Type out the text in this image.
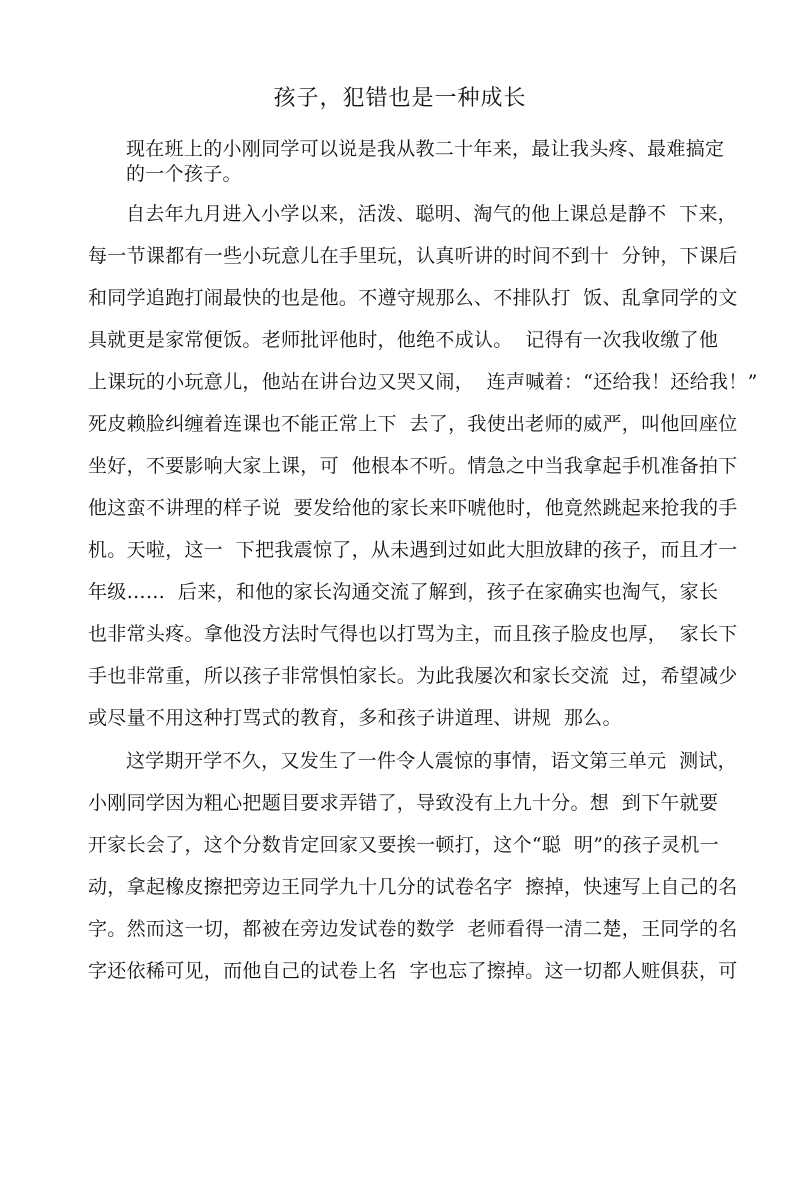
孩子，犯错也是一种成长
现在班上的小刚同学可以说是我从教二十年来，最让我头疼、最难搞定
的一个孩子。
自去年九月进入小学以来，活泼、聪明、淘气的他上课总是静不  下来，
每一节课都有一些小玩意儿在手里玩，认真听讲的时间不到十  分钟，下课后
和同学追跑打闹最快的也是他。不遵守规那么、不排队打  饭、乱拿同学的文
具就更是家常便饭。老师批评他时，他绝不成认。  记得有一次我收缴了他
上课玩的小玩意儿，他站在讲台边又哭又闹，  连声喊着：“还给我！还给我！”
死皮赖脸纠缠着连课也不能正常上下  去了，我使出老师的威严，叫他回座位
坐好，不要影响大家上课，可  他根本不听。情急之中当我拿起手机准备拍下
他这蛮不讲理的样子说  要发给他的家长来吓唬他时，他竟然跳起来抢我的手
机。天啦，这一  下把我震惊了，从未遇到过如此大胆放肆的孩子，而且才一
年级……  后来，和他的家长沟通交流了解到，孩子在家确实也淘气，家长
也非常头疼。拿他没方法时气得也以打骂为主，而且孩子脸皮也厚，  家长下
手也非常重，所以孩子非常惧怕家长。为此我屡次和家长交流  过，希望减少
或尽量不用这种打骂式的教育，多和孩子讲道理、讲规  那么。
这学期开学不久，又发生了一件令人震惊的事情，语文第三单元  测试，
小刚同学因为粗心把题目要求弄错了，导致没有上九十分。想  到下午就要
开家长会了，这个分数肯定回家又要挨一顿打，这个“聪  明”的孩子灵机一
动，拿起橡皮擦把旁边王同学九十几分的试卷名字  擦掉，快速写上自己的名
字。然而这一切，都被在旁边发试卷的数学  老师看得一清二楚，王同学的名
字还依稀可见，而他自己的试卷上名  字也忘了擦掉。这一切都人赃俱获，可
